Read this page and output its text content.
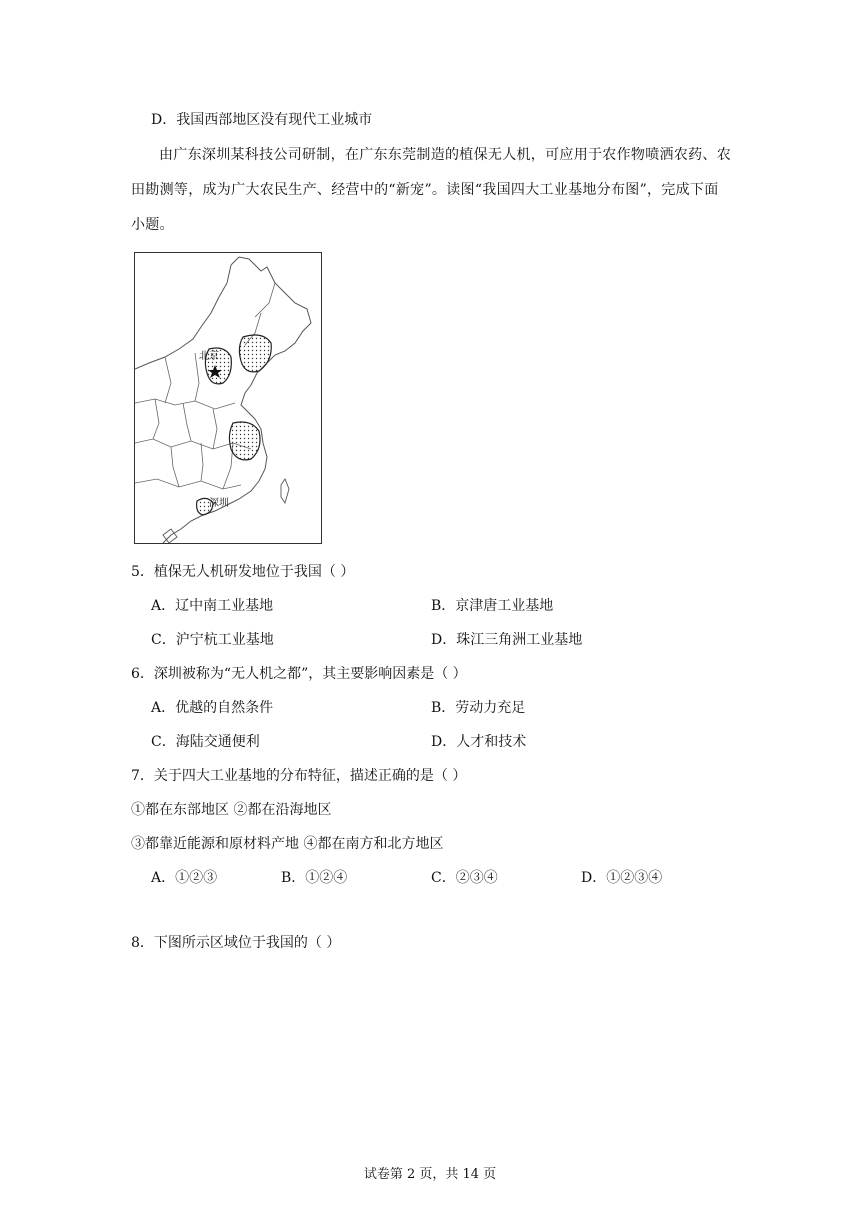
D．我国西部地区没有现代工业城市
由广东深圳某科技公司研制，在广东东莞制造的植保无人机，可应用于农作物喷洒农药、农田勘测等，成为广大农民生产、经营中的“新宠”。读图“我国四大工业基地分布图”，完成下面小题。
北京
深圳
5．植保无人机研发地位于我国（ ）
A．辽中南工业基地	B．京津唐工业基地
C．沪宁杭工业基地	D．珠江三角洲工业基地
6．深圳被称为“无人机之都”，其主要影响因素是（ ）
A．优越的自然条件	B．劳动力充足
C．海陆交通便利	D．人才和技术
7．关于四大工业基地的分布特征，描述正确的是（ ）
①都在东部地区 ②都在沿海地区
③都靠近能源和原材料产地 ④都在南方和北方地区
A．①②③	B．①②④	C．②③④	D．①②③④
8．下图所示区域位于我国的（ ）
试卷第 2 页，共 14 页
